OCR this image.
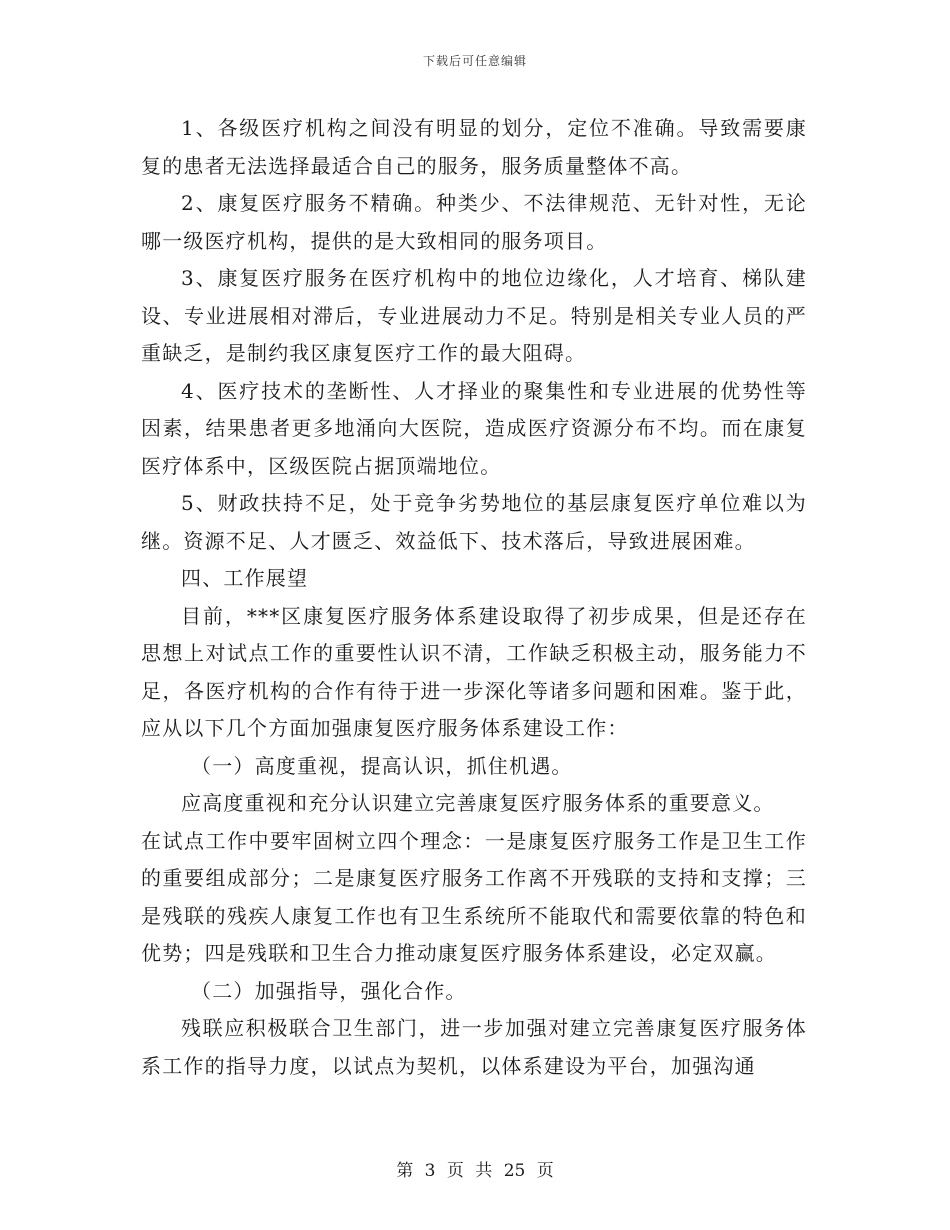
下载后可任意编辑

1、各级医疗机构之间没有明显的划分，定位不准确。导致需要康复的患者无法选择最适合自己的服务，服务质量整体不高。

2、康复医疗服务不精确。种类少、不法律规范、无针对性，无论哪一级医疗机构，提供的是大致相同的服务项目。

3、康复医疗服务在医疗机构中的地位边缘化，人才培育、梯队建设、专业进展相对滞后，专业进展动力不足。特别是相关专业人员的严重缺乏，是制约我区康复医疗工作的最大阻碍。

4、医疗技术的垄断性、人才择业的聚集性和专业进展的优势性等因素，结果患者更多地涌向大医院，造成医疗资源分布不均。而在康复医疗体系中，区级医院占据顶端地位。

5、财政扶持不足，处于竞争劣势地位的基层康复医疗单位难以为继。资源不足、人才匮乏、效益低下、技术落后，导致进展困难。

四、工作展望

目前，***区康复医疗服务体系建设取得了初步成果，但是还存在思想上对试点工作的重要性认识不清，工作缺乏积极主动，服务能力不足，各医疗机构的合作有待于进一步深化等诸多问题和困难。鉴于此，应从以下几个方面加强康复医疗服务体系建设工作：

（一）高度重视，提高认识，抓住机遇。

应高度重视和充分认识建立完善康复医疗服务体系的重要意义。

在试点工作中要牢固树立四个理念：一是康复医疗服务工作是卫生工作的重要组成部分；二是康复医疗服务工作离不开残联的支持和支撑；三是残联的残疾人康复工作也有卫生系统所不能取代和需要依靠的特色和优势；四是残联和卫生合力推动康复医疗服务体系建设，必定双赢。

（二）加强指导，强化合作。

残联应积极联合卫生部门，进一步加强对建立完善康复医疗服务体系工作的指导力度，以试点为契机，以体系建设为平台，加强沟通

第 3 页 共 25 页
